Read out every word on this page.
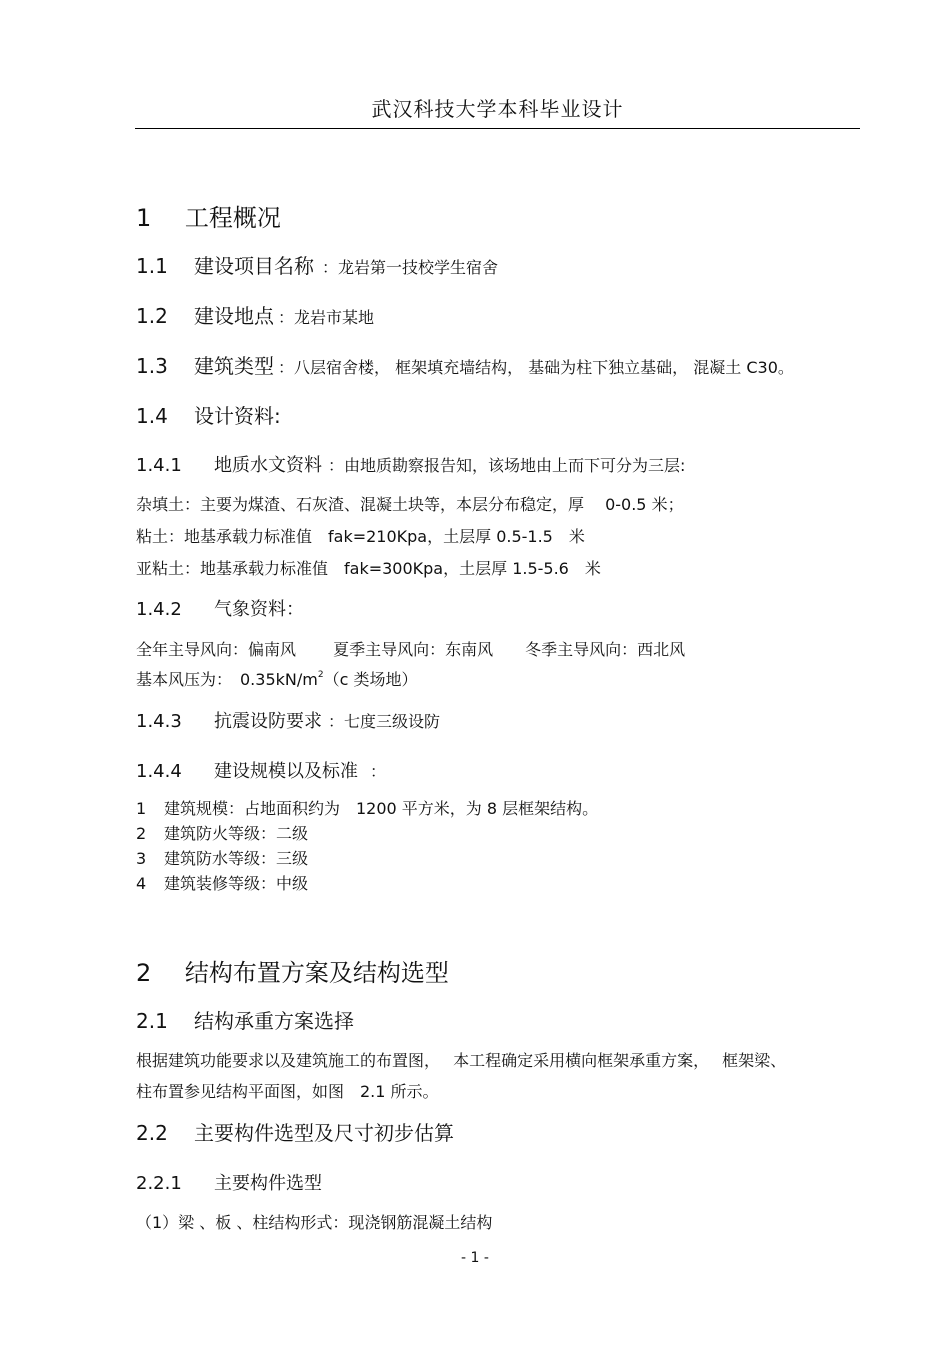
武汉科技大学本科毕业设计
1 工程概况
1.1 建设项目名称 ：龙岩第一技校学生宿舍
1.2 建设地点 ：龙岩市某地
1.3 建筑类型 ：八层宿舍楼， 框架填充墙结构， 基础为柱下独立基础， 混凝土 C30。
1.4 设计资料:
1.4.1 地质水文资料 ：由地质勘察报告知，该场地由上而下可分为三层:
杂填土：主要为煤渣、石灰渣、混凝土块等，本层分布稳定，厚　 0-0.5 米；
粘土：地基承载力标准值　fak=210Kpa，土层厚 0.5-1.5　米
亚粘土：地基承载力标准值　fak=300Kpa，土层厚 1.5-5.6　米
1.4.2 气象资料：
全年主导风向：偏南风　　 夏季主导风向：东南风　　冬季主导风向：西北风
基本风压为：　$0.35kN/m^2(c$ 类场地）
1.4.3 抗震设防要求 ：七度三级设防
1.4.4 建设规模以及标准 ：
1 建筑规模：占地面积约为　1200 平方米，为 8 层框架结构。
2 建筑防火等级：二级
3 建筑防水等级：三级
4 建筑装修等级：中级
2 结构布置方案及结构选型
2.1 结构承重方案选择
根据建筑功能要求以及建筑施工的布置图，　 本工程确定采用横向框架承重方案，　 框架梁、
柱布置参见结构平面图，如图　2.1 所示。
2.2 主要构件选型及尺寸初步估算
2.2.1 主要构件选型
（1）梁 、板 、柱结构形式：现浇钢筋混凝土结构
- 1 -
